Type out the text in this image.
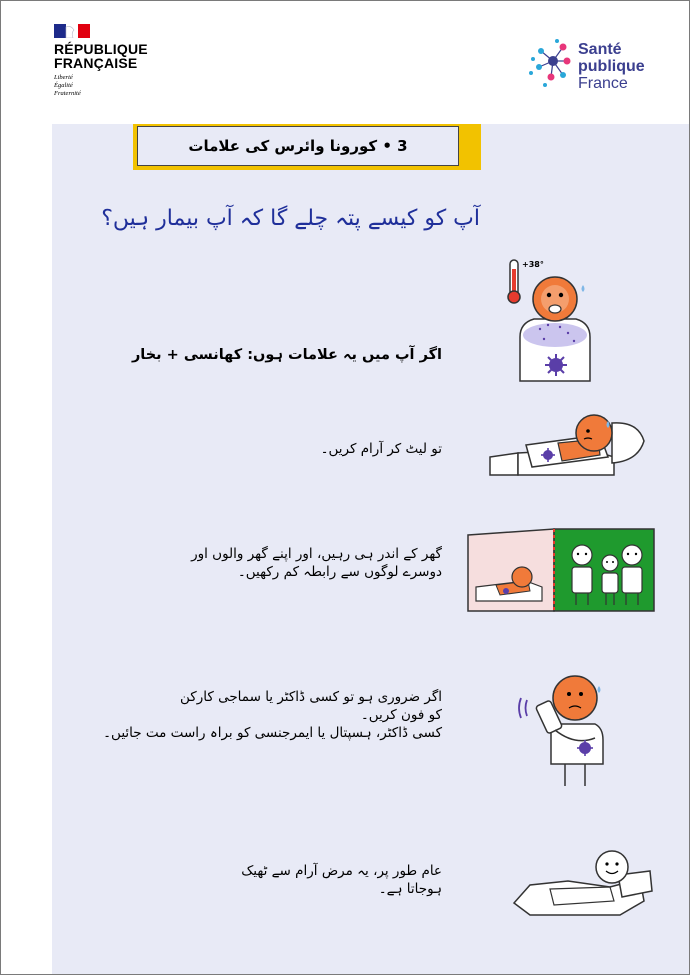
RÉPUBLIQUE
FRANÇAISE
Liberté
Égalité
Fraternité
Santé
publique
France
3 • کورونا وائرس کی علامات
آپ کو کیسے پتہ چلے گا کہ آپ بیمار ہیں؟
اگر آپ میں یہ علامات ہوں: کھانسی + بخار
+38°
تو لیٹ کر آرام کریں۔
گھر کے اندر ہی رہیں، اور اپنے گھر والوں اور
دوسرے لوگوں سے رابطہ کم رکھیں۔
اگر ضروری ہو تو کسی ڈاکٹر یا سماجی کارکن
کو فون کریں۔
کسی ڈاکٹر، ہسپتال یا ایمرجنسی کو براہ راست مت جائیں۔
عام طور پر، یہ مرض آرام سے ٹھیک
ہوجاتا ہے۔
